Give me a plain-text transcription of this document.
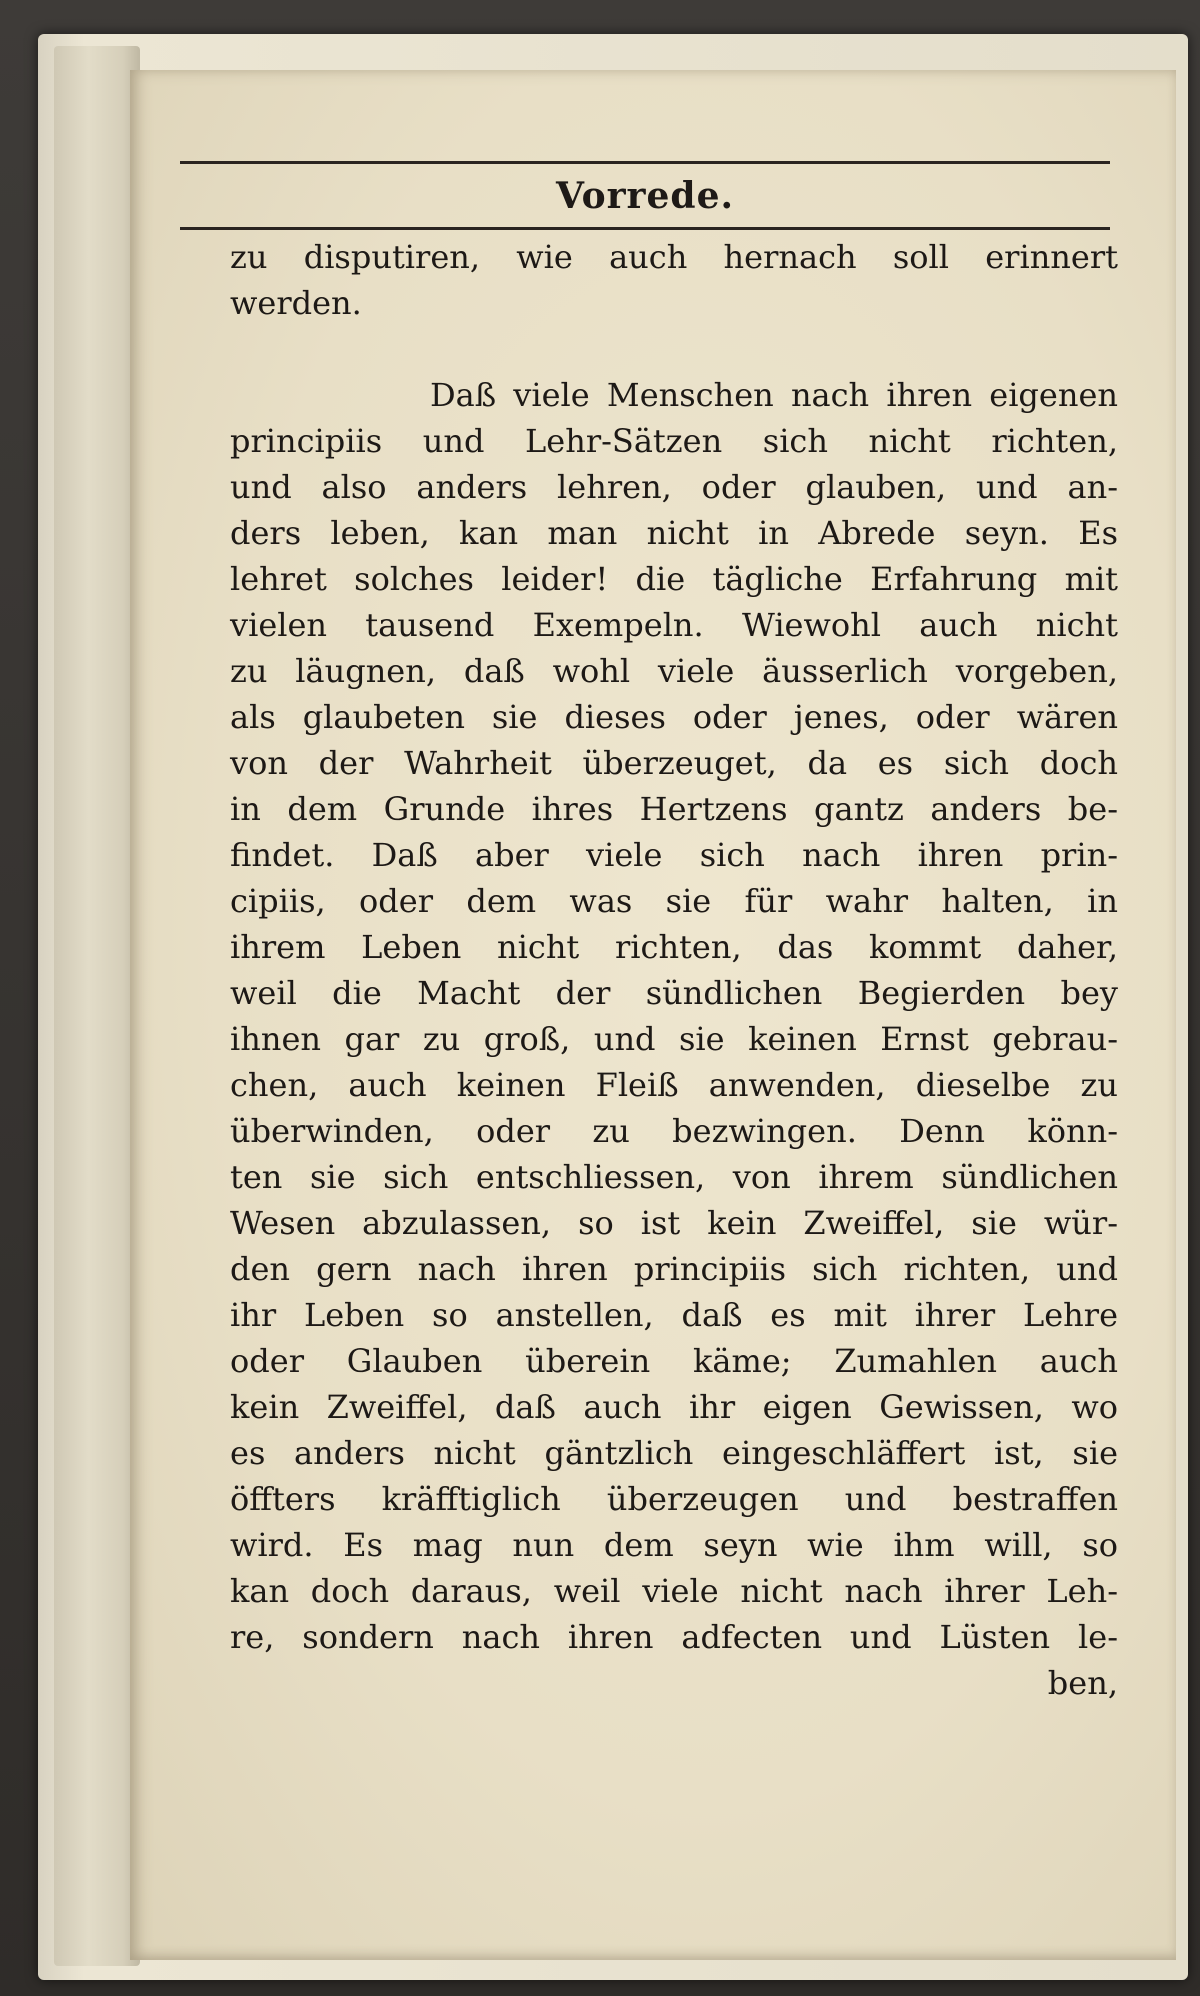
Vorrede.
zu disputiren, wie auch hernach soll erinnert
werden.
Daß viele Menschen nach ihren eigenen
principiis und Lehr-Sätzen sich nicht richten,
und also anders lehren, oder glauben, und an-
ders leben, kan man nicht in Abrede seyn. Es
lehret solches leider! die tägliche Erfahrung mit
vielen tausend Exempeln. Wiewohl auch nicht
zu läugnen, daß wohl viele äusserlich vorgeben,
als glaubeten sie dieses oder jenes, oder wären
von der Wahrheit überzeuget, da es sich doch
in dem Grunde ihres Hertzens gantz anders be-
findet. Daß aber viele sich nach ihren prin-
cipiis, oder dem was sie für wahr halten, in
ihrem Leben nicht richten, das kommt daher,
weil die Macht der sündlichen Begierden bey
ihnen gar zu groß, und sie keinen Ernst gebrau-
chen, auch keinen Fleiß anwenden, dieselbe zu
überwinden, oder zu bezwingen. Denn könn-
ten sie sich entschliessen, von ihrem sündlichen
Wesen abzulassen, so ist kein Zweiffel, sie wür-
den gern nach ihren principiis sich richten, und
ihr Leben so anstellen, daß es mit ihrer Lehre
oder Glauben überein käme; Zumahlen auch
kein Zweiffel, daß auch ihr eigen Gewissen, wo
es anders nicht gäntzlich eingeschläffert ist, sie
öffters kräfftiglich überzeugen und bestraffen
wird. Es mag nun dem seyn wie ihm will, so
kan doch daraus, weil viele nicht nach ihrer Leh-
re, sondern nach ihren adfecten und Lüsten le-
ben,
